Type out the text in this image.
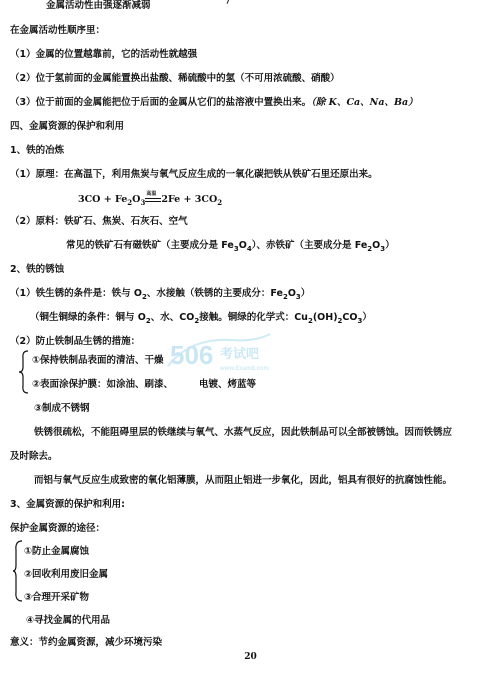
金属活动性由强逐渐减弱
在金属活动性顺序里：
（1）金属的位置越靠前，它的活动性就越强
（2）位于氢前面的金属能置换出盐酸、稀硫酸中的氢（不可用浓硫酸、硝酸）
（3）位于前面的金属能把位于后面的金属从它们的盐溶液中置换出来。（除 K、Ca、Na、Ba）
四、金属资源的保护和利用
1、铁的冶炼
（1）原理：在高温下，利用焦炭与氧气反应生成的一氧化碳把铁从铁矿石里还原出来。
$3CO + Fe_2O_3$
高温 $2Fe + 3CO_2$
（2）原料：铁矿石、焦炭、石灰石、空气
常见的铁矿石有磁铁矿（主要成分是 $Fe_3O_4$）、赤铁矿（主要成分是 $Fe_2O_3$）
2、铁的锈蚀
（1）铁生锈的条件是：铁与 $O_2$、水接触（铁锈的主要成分：$Fe_2O_3$）
（铜生铜绿的条件：铜与 $O_2$、水、$CO_2$接触。铜绿的化学式：$Cu_2(OH)_2CO_3$）
（2）防止铁制品生锈的措施：
①保持铁制品表面的清洁、干燥
②表面涂保护膜：如涂油、刷漆、	电镀、烤蓝等
③制成不锈钢
506 考试吧
www.Exam8.com
铁锈很疏松，不能阻碍里层的铁继续与氧气、水蒸气反应，因此铁制品可以全部被锈蚀。因而铁锈应
及时除去。
而铝与氧气反应生成致密的氧化铝薄膜，从而阻止铝进一步氧化，因此，铝具有很好的抗腐蚀性能。
3、金属资源的保护和利用:
保护金属资源的途径：
①防止金属腐蚀
②回收利用废旧金属
③合理开采矿物
④寻找金属的代用品
意义：节约金属资源，减少环境污染
20
